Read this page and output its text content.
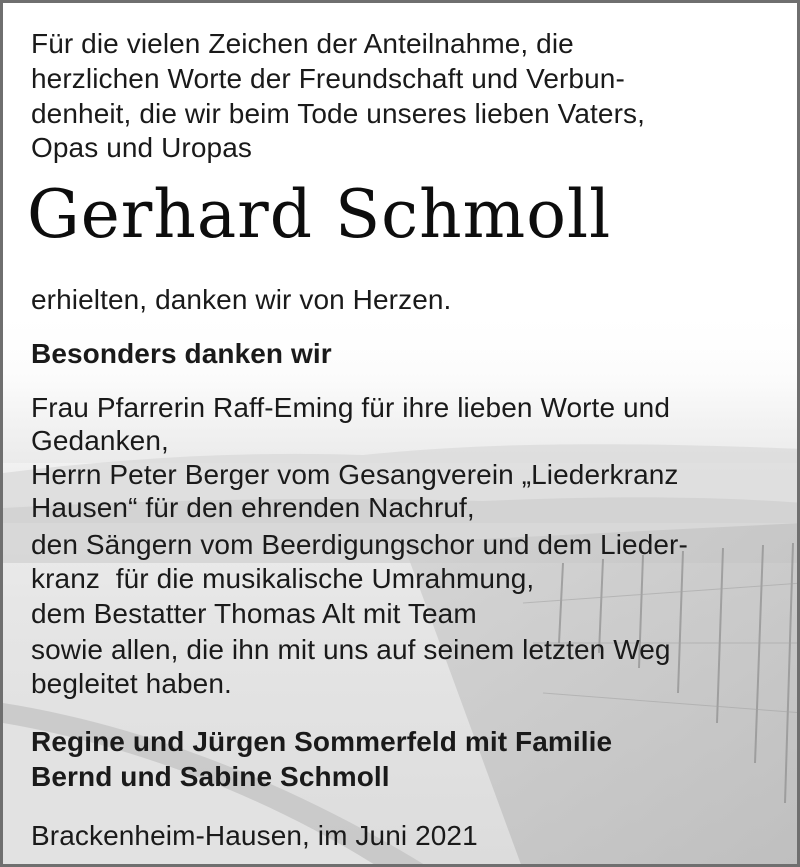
Für die vielen Zeichen der Anteilnahme, die

herzlichen Worte der Freundschaft und Verbun-

denheit, die wir beim Tode unseres lieben Vaters,

Opas und Uropas

Gerhard Schmoll

erhielten, danken wir von Herzen.

Besonders danken wir

Frau Pfarrerin Raff-Eming für ihre lieben Worte und

Gedanken,

Herrn Peter Berger vom Gesangverein „Liederkranz

Hausen“ für den ehrenden Nachruf,

den Sängern vom Beerdigungschor und dem Lieder-

kranz  für die musikalische Umrahmung,

dem Bestatter Thomas Alt mit Team

sowie allen, die ihn mit uns auf seinem letzten Weg

begleitet haben.

Regine und Jürgen Sommerfeld mit Familie

Bernd und Sabine Schmoll

Brackenheim-Hausen, im Juni 2021
